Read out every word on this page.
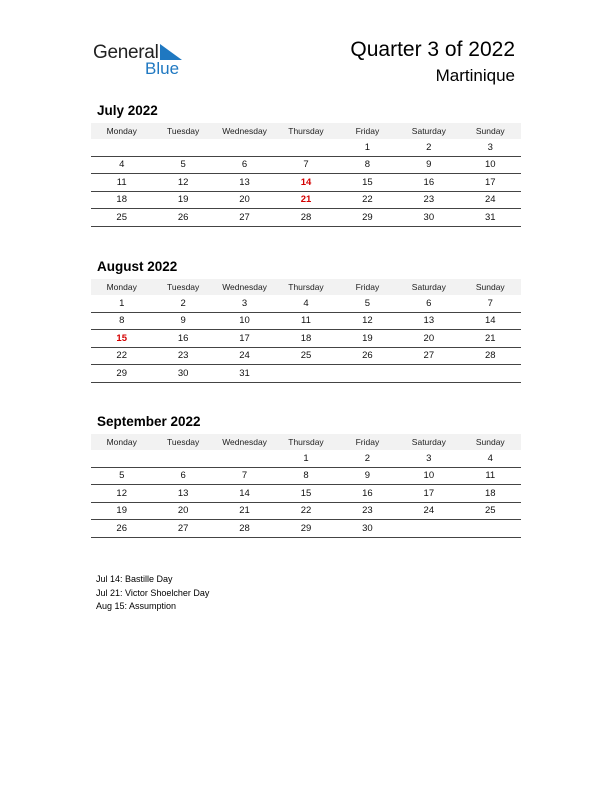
General
Blue
Quarter 3 of 2022
Martinique
July 2022
Monday	Tuesday	Wednesday	Thursday	Friday	Saturday	Sunday
				1	2	3
4	5	6	7	8	9	10
11	12	13	14	15	16	17
18	19	20	21	22	23	24
25	26	27	28	29	30	31
August 2022
Monday	Tuesday	Wednesday	Thursday	Friday	Saturday	Sunday
1	2	3	4	5	6	7
8	9	10	11	12	13	14
15	16	17	18	19	20	21
22	23	24	25	26	27	28
29	30	31				
September 2022
Monday	Tuesday	Wednesday	Thursday	Friday	Saturday	Sunday
			1	2	3	4
5	6	7	8	9	10	11
12	13	14	15	16	17	18
19	20	21	22	23	24	25
26	27	28	29	30		
Jul 14: Bastille Day
Jul 21: Victor Shoelcher Day
Aug 15: Assumption
